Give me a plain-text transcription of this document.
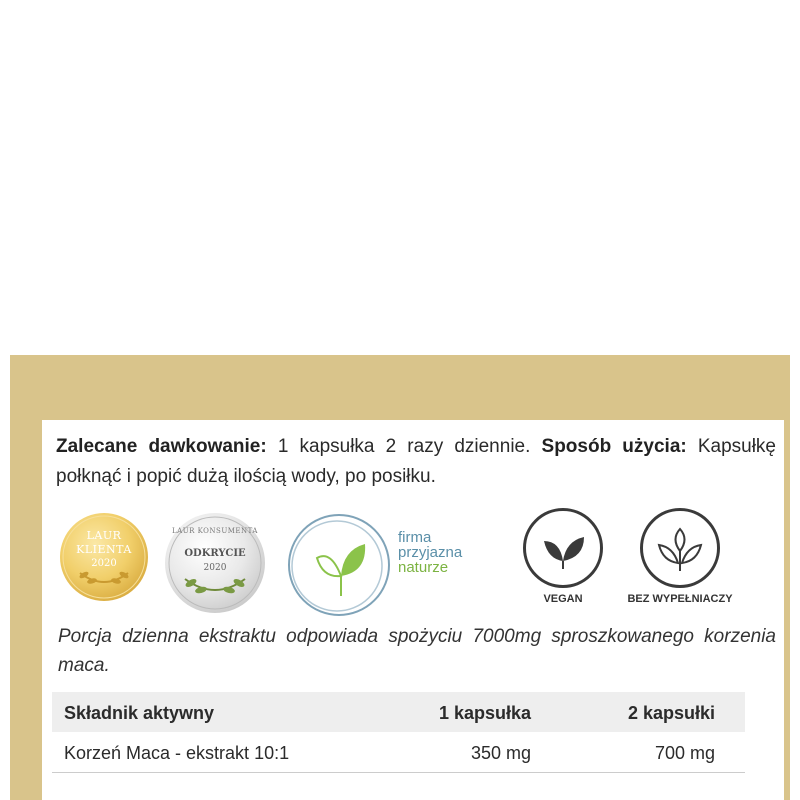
Zalecane dawkowanie: 1 kapsułka 2 razy dziennie. Sposób użycia: Kapsułkę połknąć i popić dużą ilością wody, po posiłku.
LAUR
KLIENTA
2020
LAUR KONSUMENTA
ODKRYCIE
2020
firma
przyjazna
naturze
VEGAN	BEZ WYPEŁNIACZY
Porcja dzienna ekstraktu odpowiada spożyciu 7000mg sproszkowanego korzenia maca.
Składnik aktywny	1 kapsułka	2 kapsułki
Korzeń Maca - ekstrakt 10:1	350 mg	700 mg
